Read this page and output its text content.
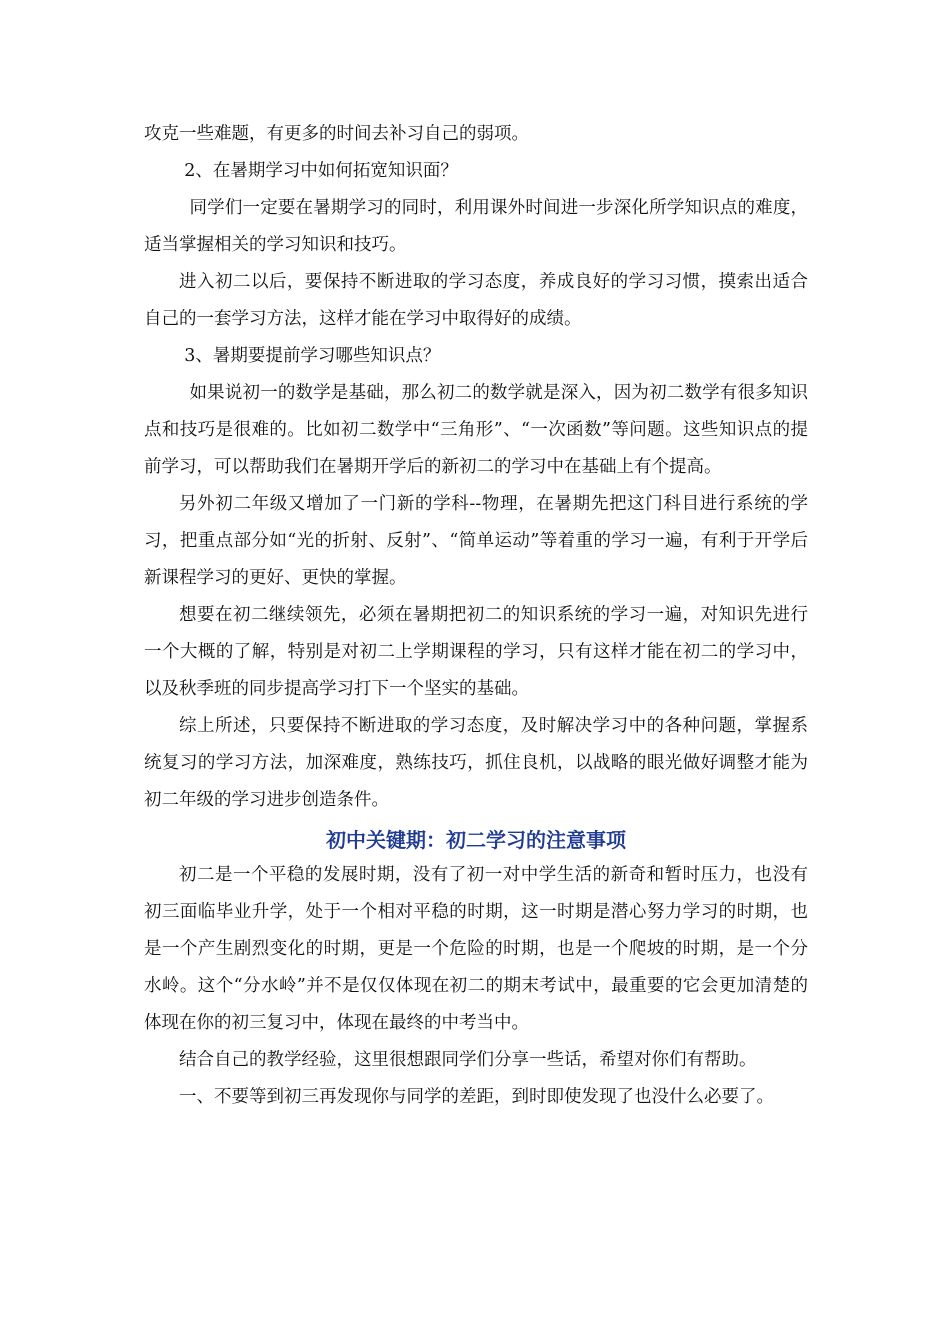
攻克一些难题，有更多的时间去补习自己的弱项。

2、在暑期学习中如何拓宽知识面？

同学们一定要在暑期学习的同时，利用课外时间进一步深化所学知识点的难度，适当掌握相关的学习知识和技巧。

进入初二以后，要保持不断进取的学习态度，养成良好的学习习惯，摸索出适合自己的一套学习方法，这样才能在学习中取得好的成绩。

3、暑期要提前学习哪些知识点？

如果说初一的数学是基础，那么初二的数学就是深入，因为初二数学有很多知识点和技巧是很难的。比如初二数学中“三角形”、“一次函数”等问题。这些知识点的提前学习，可以帮助我们在暑期开学后的新初二的学习中在基础上有个提高。

另外初二年级又增加了一门新的学科--物理，在暑期先把这门科目进行系统的学习，把重点部分如“光的折射、反射”、“简单运动”等着重的学习一遍，有利于开学后新课程学习的更好、更快的掌握。

想要在初二继续领先，必须在暑期把初二的知识系统的学习一遍，对知识先进行一个大概的了解，特别是对初二上学期课程的学习，只有这样才能在初二的学习中，以及秋季班的同步提高学习打下一个坚实的基础。

综上所述，只要保持不断进取的学习态度，及时解决学习中的各种问题，掌握系统复习的学习方法，加深难度，熟练技巧，抓住良机，以战略的眼光做好调整才能为初二年级的学习进步创造条件。

初中关键期：初二学习的注意事项

初二是一个平稳的发展时期，没有了初一对中学生活的新奇和暂时压力，也没有初三面临毕业升学，处于一个相对平稳的时期，这一时期是潜心努力学习的时期，也是一个产生剧烈变化的时期，更是一个危险的时期，也是一个爬坡的时期，是一个分水岭。这个“分水岭”并不是仅仅体现在初二的期末考试中，最重要的它会更加清楚的体现在你的初三复习中，体现在最终的中考当中。

结合自己的教学经验，这里很想跟同学们分享一些话，希望对你们有帮助。

一、不要等到初三再发现你与同学的差距，到时即使发现了也没什么必要了。
